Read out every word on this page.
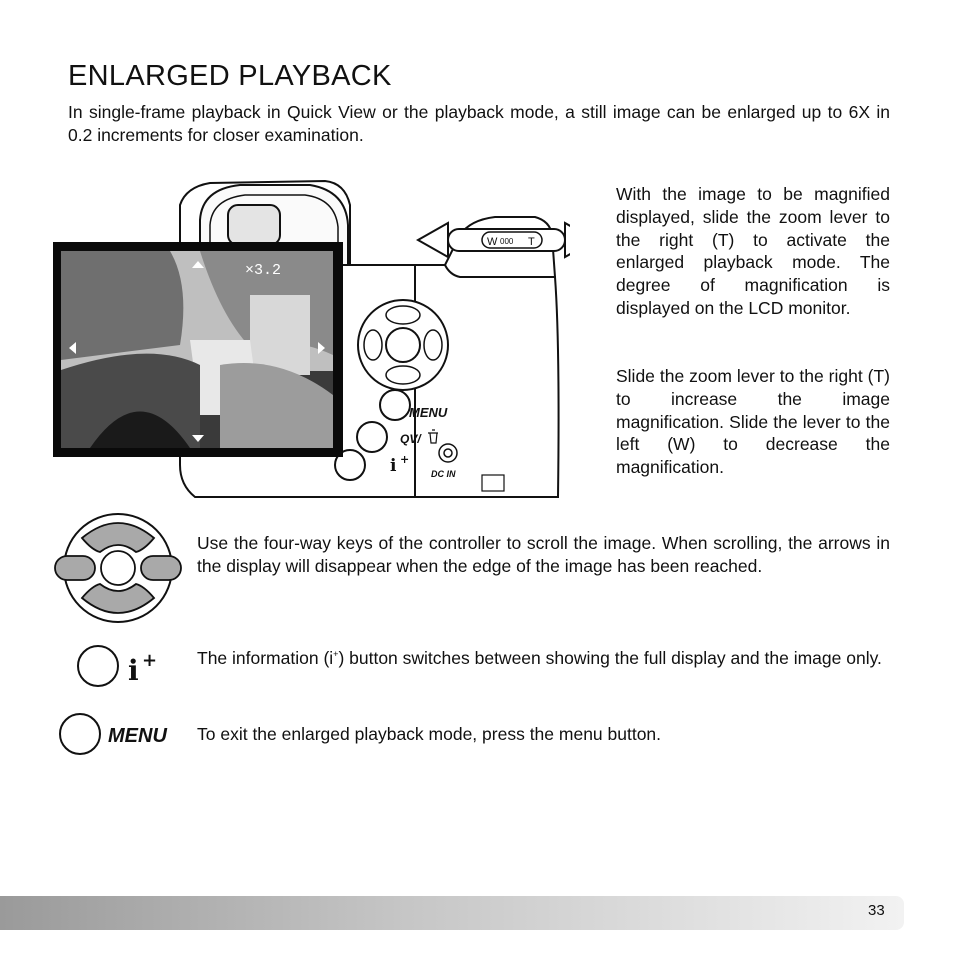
ENLARGED PLAYBACK

In single-frame playback in Quick View or the playback mode, a still image can be enlarged up to 6X in 0.2 increments for closer examination.

W 000 T
MENU
QV/
i +
DC IN
×3.2

With the image to be magnified displayed, slide the zoom lever to the right (T) to activate the enlarged playback mode. The degree of magnification is displayed on the LCD monitor.

Slide the zoom lever to the right (T) to increase the image magnification. Slide the lever to the left (W) to decrease the magnification.

Use the four-way keys of the controller to scroll the image. When scrolling, the arrows in the display will disappear when the edge of the image has been reached.

i + The information (i+) button switches between showing the full display and the image only.

MENU To exit the enlarged playback mode, press the menu button.

33
